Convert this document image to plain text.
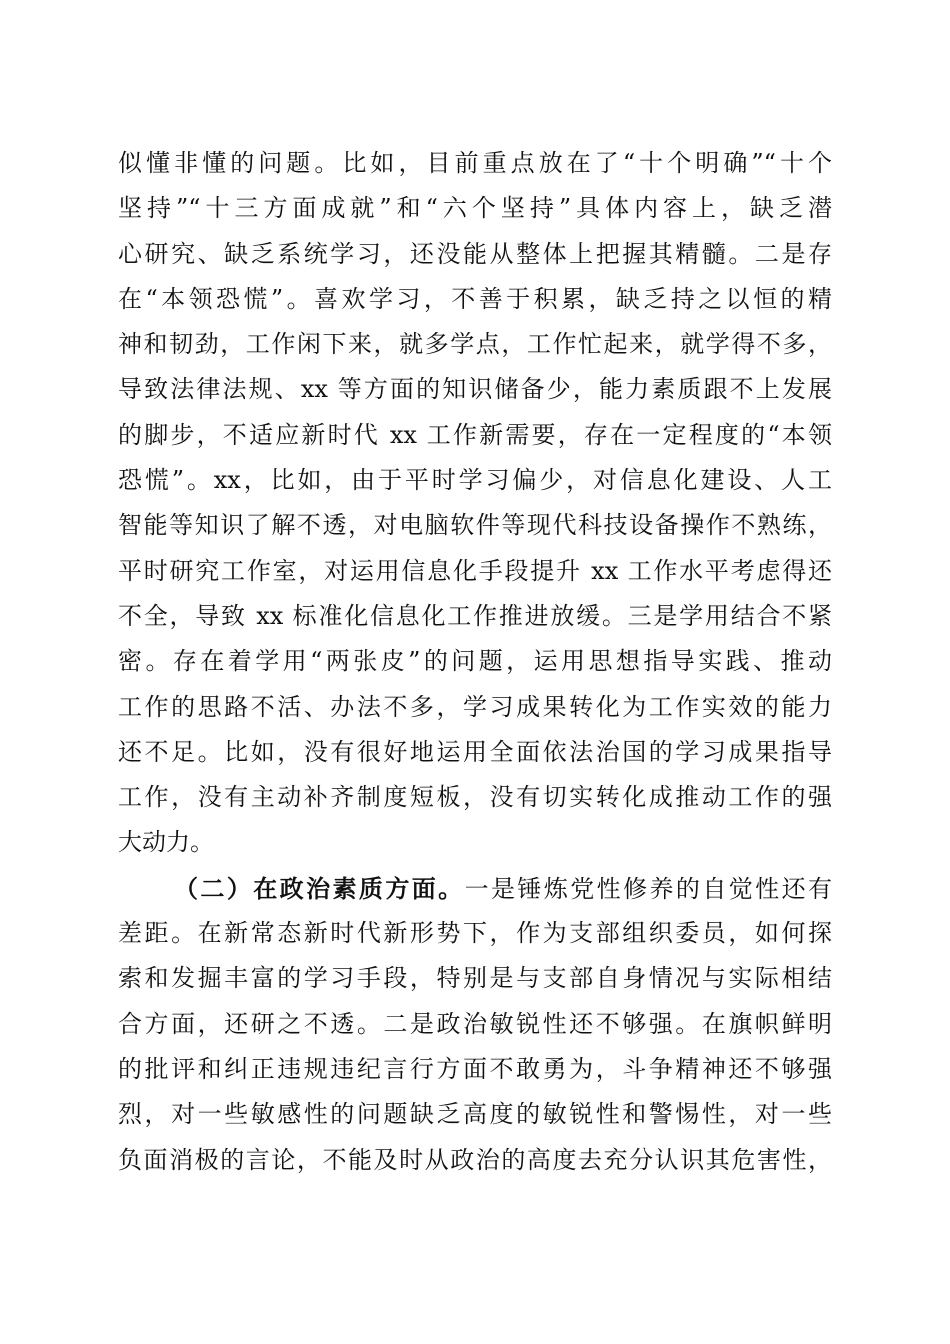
似懂非懂的问题。比如，目前重点放在了“十个明确”“十个
坚持”“十三方面成就”和“六个坚持”具体内容上，缺乏潜
心研究、缺乏系统学习，还没能从整体上把握其精髓。二是存
在“本领恐慌”。喜欢学习，不善于积累，缺乏持之以恒的精
神和韧劲，工作闲下来，就多学点，工作忙起来，就学得不多，
导致法律法规、xx 等方面的知识储备少，能力素质跟不上发展
的脚步，不适应新时代 xx 工作新需要，存在一定程度的“本领
恐慌”。xx，比如，由于平时学习偏少，对信息化建设、人工
智能等知识了解不透，对电脑软件等现代科技设备操作不熟练，
平时研究工作室，对运用信息化手段提升 xx 工作水平考虑得还
不全，导致 xx 标准化信息化工作推进放缓。三是学用结合不紧
密。存在着学用“两张皮”的问题，运用思想指导实践、推动
工作的思路不活、办法不多，学习成果转化为工作实效的能力
还不足。比如，没有很好地运用全面依法治国的学习成果指导
工作，没有主动补齐制度短板，没有切实转化成推动工作的强
大动力。
（二）在政治素质方面。一是锤炼党性修养的自觉性还有
差距。在新常态新时代新形势下，作为支部组织委员，如何探
索和发掘丰富的学习手段，特别是与支部自身情况与实际相结
合方面，还研之不透。二是政治敏锐性还不够强。在旗帜鲜明
的批评和纠正违规违纪言行方面不敢勇为，斗争精神还不够强
烈，对一些敏感性的问题缺乏高度的敏锐性和警惕性，对一些
负面消极的言论，不能及时从政治的高度去充分认识其危害性，
